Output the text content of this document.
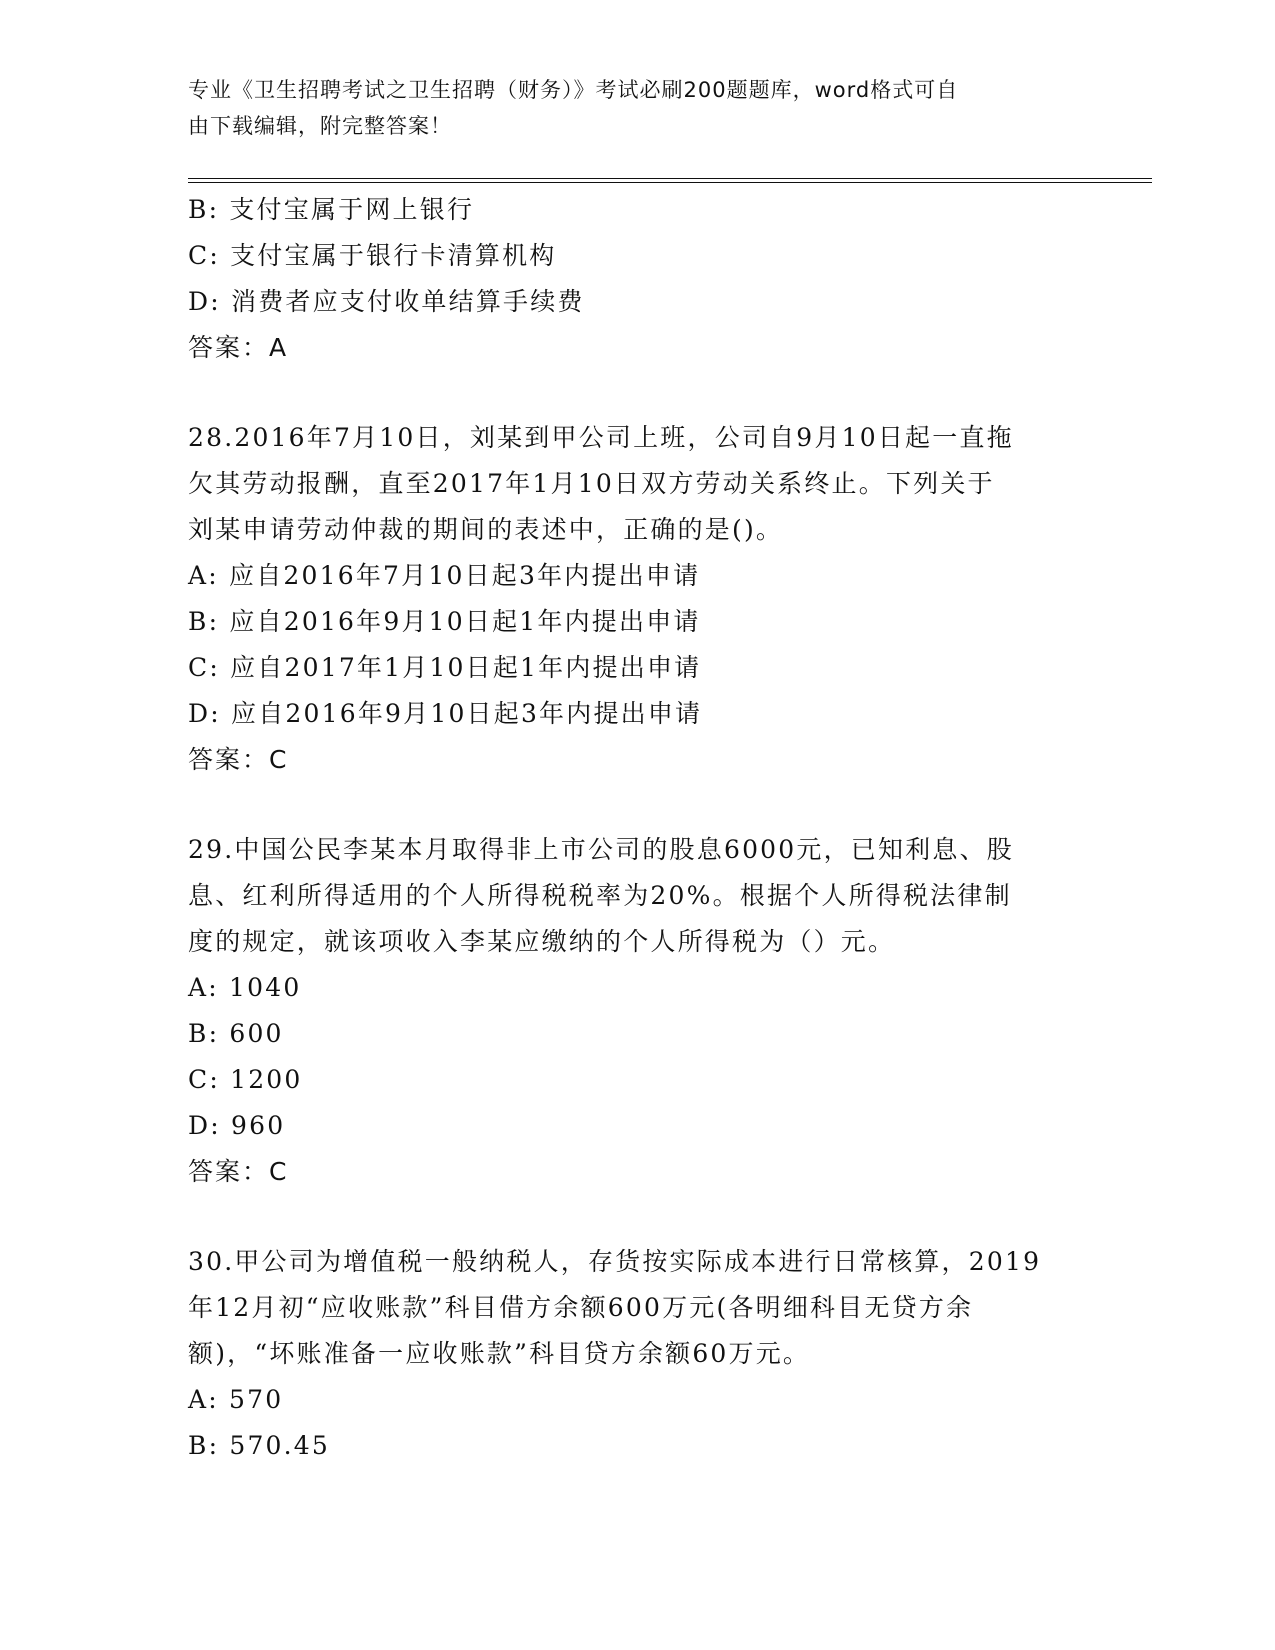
专业《卫生招聘考试之卫生招聘（财务）》考试必刷200题题库，word格式可自
由下载编辑，附完整答案！
B: 支付宝属于网上银行
C: 支付宝属于银行卡清算机构
D: 消费者应支付收单结算手续费
答案：A
28.2016年7月10日，刘某到甲公司上班，公司自9月10日起一直拖
欠其劳动报酬，直至2017年1月10日双方劳动关系终止。下列关于
刘某申请劳动仲裁的期间的表述中，正确的是()。
A: 应自2016年7月10日起3年内提出申请
B: 应自2016年9月10日起1年内提出申请
C: 应自2017年1月10日起1年内提出申请
D: 应自2016年9月10日起3年内提出申请
答案：C
29.中国公民李某本月取得非上市公司的股息6000元，已知利息、股
息、红利所得适用的个人所得税税率为20%。根据个人所得税法律制
度的规定，就该项收入李某应缴纳的个人所得税为（）元。
A: 1040
B: 600
C: 1200
D: 960
答案：C
30.甲公司为增值税一般纳税人，存货按实际成本进行日常核算，2019
年12月初“应收账款”科目借方余额600万元(各明细科目无贷方余
额)，“坏账准备一应收账款”科目贷方余额60万元。
A: 570
B: 570.45
